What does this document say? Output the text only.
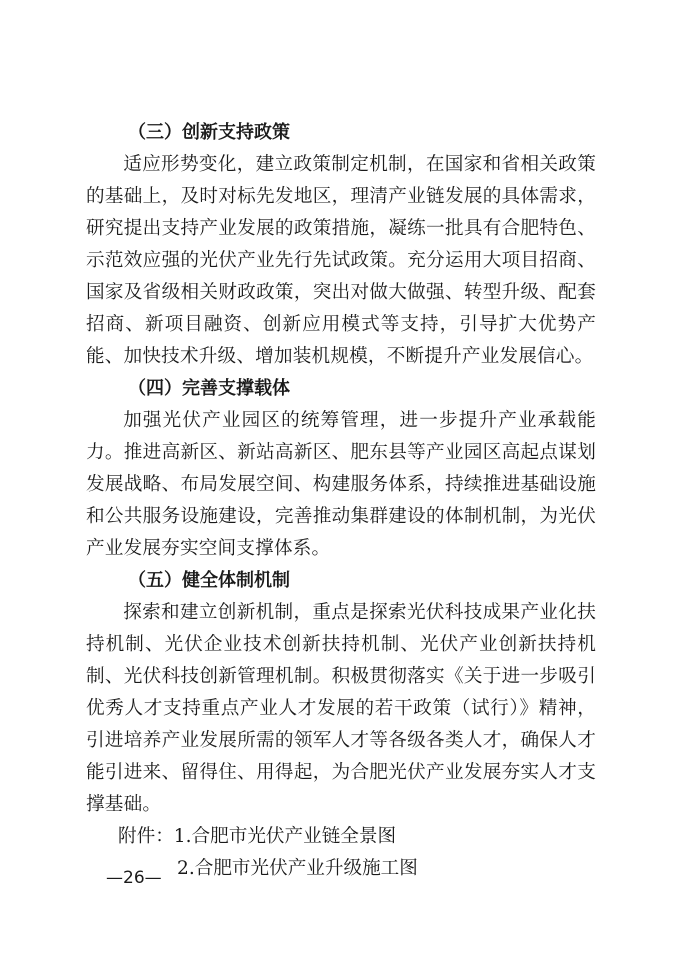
（三）创新支持政策

适应形势变化，建立政策制定机制，在国家和省相关政策的基础上，及时对标先发地区，理清产业链发展的具体需求，研究提出支持产业发展的政策措施，凝练一批具有合肥特色、示范效应强的光伏产业先行先试政策。充分运用大项目招商、国家及省级相关财政政策，突出对做大做强、转型升级、配套招商、新项目融资、创新应用模式等支持，引导扩大优势产能、加快技术升级、增加装机规模，不断提升产业发展信心。

（四）完善支撑载体

加强光伏产业园区的统筹管理，进一步提升产业承载能力。推进高新区、新站高新区、肥东县等产业园区高起点谋划发展战略、布局发展空间、构建服务体系，持续推进基础设施和公共服务设施建设，完善推动集群建设的体制机制，为光伏产业发展夯实空间支撑体系。

（五）健全体制机制

探索和建立创新机制，重点是探索光伏科技成果产业化扶持机制、光伏企业技术创新扶持机制、光伏产业创新扶持机制、光伏科技创新管理机制。积极贯彻落实《关于进一步吸引优秀人才支持重点产业人才发展的若干政策（试行）》精神，引进培养产业发展所需的领军人才等各级各类人才，确保人才能引进来、留得住、用得起，为合肥光伏产业发展夯实人才支撑基础。

附件：1.合肥市光伏产业链全景图

2.合肥市光伏产业升级施工图

—26—
